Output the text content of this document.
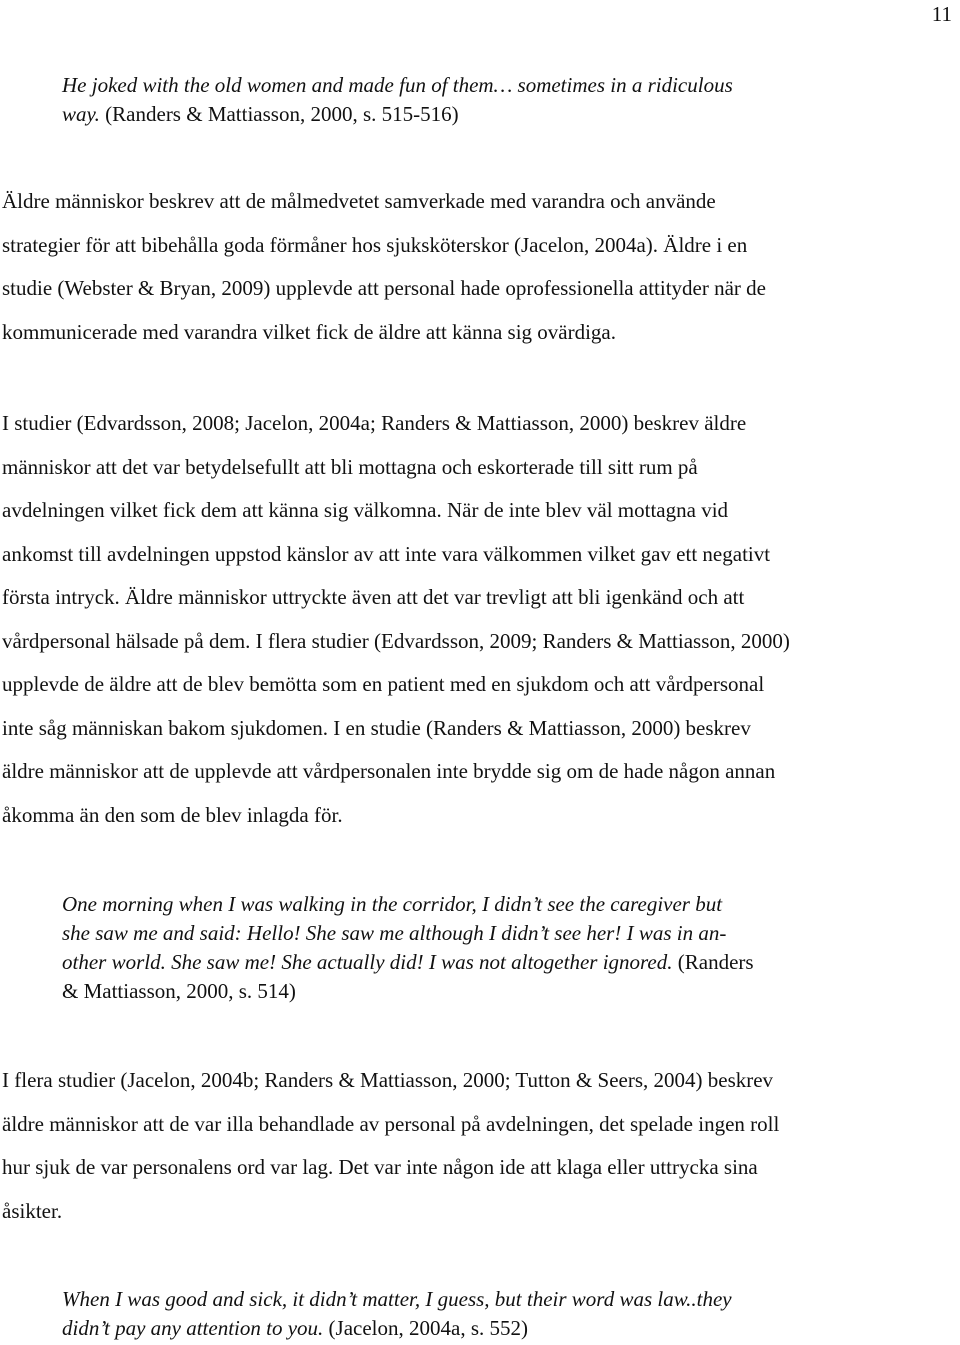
11
He joked with the old women and made fun of them… sometimes in a ridiculous
way. (Randers & Mattiasson, 2000, s. 515-516)
Äldre människor beskrev att de målmedvetet samverkade med varandra och använde
strategier för att bibehålla goda förmåner hos sjuksköterskor (Jacelon, 2004a). Äldre i en
studie (Webster & Bryan, 2009) upplevde att personal hade oprofessionella attityder när de
kommunicerade med varandra vilket fick de äldre att känna sig ovärdiga.
I studier (Edvardsson, 2008; Jacelon, 2004a; Randers & Mattiasson, 2000) beskrev äldre
människor att det var betydelsefullt att bli mottagna och eskorterade till sitt rum på
avdelningen vilket fick dem att känna sig välkomna. När de inte blev väl mottagna vid
ankomst till avdelningen uppstod känslor av att inte vara välkommen vilket gav ett negativt
första intryck. Äldre människor uttryckte även att det var trevligt att bli igenkänd och att
vårdpersonal hälsade på dem. I flera studier (Edvardsson, 2009; Randers & Mattiasson, 2000)
upplevde de äldre att de blev bemötta som en patient med en sjukdom och att vårdpersonal
inte såg människan bakom sjukdomen. I en studie (Randers & Mattiasson, 2000) beskrev
äldre människor att de upplevde att vårdpersonalen inte brydde sig om de hade någon annan
åkomma än den som de blev inlagda för.
One morning when I was walking in the corridor, I didn’t see the caregiver but
she saw me and said: Hello! She saw me although I didn’t see her! I was in an-
other world. She saw me! She actually did! I was not altogether ignored. (Randers
& Mattiasson, 2000, s. 514)
I flera studier (Jacelon, 2004b; Randers & Mattiasson, 2000; Tutton & Seers, 2004) beskrev
äldre människor att de var illa behandlade av personal på avdelningen, det spelade ingen roll
hur sjuk de var personalens ord var lag. Det var inte någon ide att klaga eller uttrycka sina
åsikter.
When I was good and sick, it didn’t matter, I guess, but their word was law..they
didn’t pay any attention to you. (Jacelon, 2004a, s. 552)
